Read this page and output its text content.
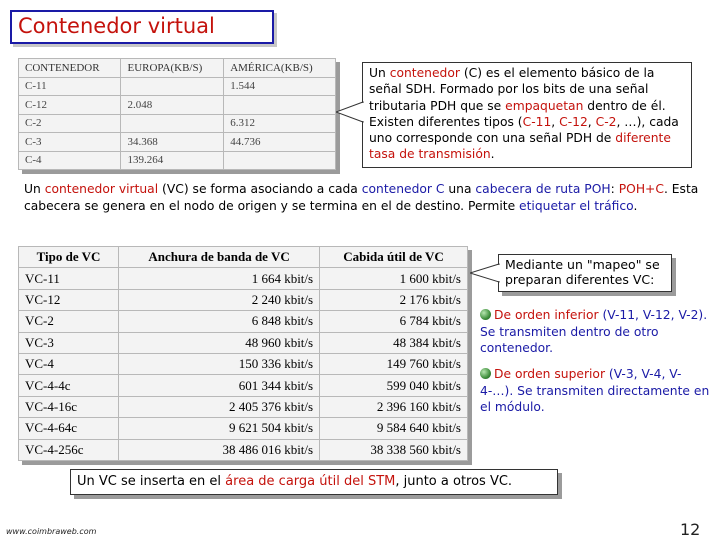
Contenedor virtual
CONTENEDOR	EUROPA(KB/S)	AMÉRICA(KB/S)
C-11		1.544
C-12	2.048	
C-2		6.312
C-3	34.368	44.736
C-4	139.264	
Un contenedor (C) es el elemento básico de la señal SDH. Formado por los bits de una señal tributaria PDH que se empaquetan dentro de él. Existen diferentes tipos (C-11, C-12, C-2, …), cada uno corresponde con una señal PDH de diferente tasa de transmisión.
Un contenedor virtual (VC) se forma asociando a cada contenedor C una cabecera de ruta POH: POH+C. Esta cabecera se genera en el nodo de origen y se termina en el de destino. Permite etiquetar el tráfico.
Tipo de VC	Anchura de banda de VC	Cabida útil de VC
VC-11	1 664 kbit/s	1 600 kbit/s
VC-12	2 240 kbit/s	2 176 kbit/s
VC-2	6 848 kbit/s	6 784 kbit/s
VC-3	48 960 kbit/s	48 384 kbit/s
VC-4	150 336 kbit/s	149 760 kbit/s
VC-4-4c	601 344 kbit/s	599 040 kbit/s
VC-4-16c	2 405 376 kbit/s	2 396 160 kbit/s
VC-4-64c	9 621 504 kbit/s	9 584 640 kbit/s
VC-4-256c	38 486 016 kbit/s	38 338 560 kbit/s
Mediante un "mapeo" se preparan diferentes VC:
De orden inferior (V-11, V-12, V-2). Se transmiten dentro de otro contenedor.
De orden superior (V-3, V-4, V-4-…). Se transmiten directamente en el módulo.
Un VC se inserta en el área de carga útil del STM, junto a otros VC.
www.coimbraweb.com	12
